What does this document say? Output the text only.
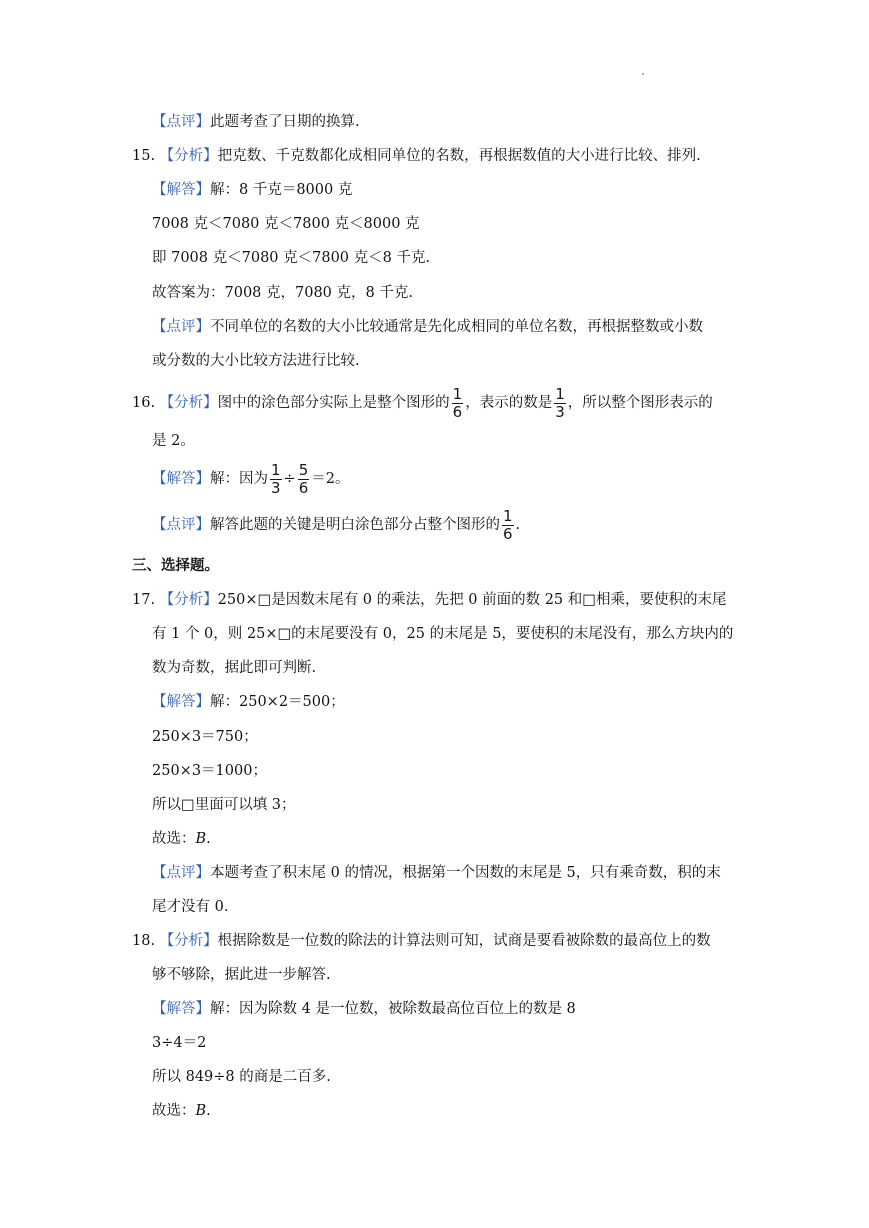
【点评】此题考查了日期的换算.
15. 【分析】把克数、千克数都化成相同单位的名数，再根据数值的大小进行比较、排列.
【解答】解：8 千克＝8000 克
7008 克＜7080 克＜7800 克＜8000 克
即 7008 克＜7080 克＜7800 克＜8 千克.
故答案为：7008 克，7080 克，8 千克.
【点评】不同单位的名数的大小比较通常是先化成相同的单位名数，再根据整数或小数
或分数的大小比较方法进行比较.
16. 【分析】图中的涂色部分实际上是整个图形的 $\frac{1}{6}$ ，表示的数是 $\frac{1}{3}$ ，所以整个图形表示的
是 2。
【解答】解：因为 $\frac{1}{3} \div \frac{5}{6} =2$。
【点评】解答此题的关键是明白涂色部分占整个图形的 $\frac{1}{6}$ .
三、选择题。
17. 【分析】250×□是因数末尾有 0 的乘法，先把 0 前面的数 25 和□相乘，要使积的末尾
有 1 个 0，则 25×□的末尾要没有 0，25 的末尾是 5，要使积的末尾没有，那么方块内的
数为奇数，据此即可判断.
【解答】解：250×2＝500；
250×3＝750；
250×3＝1000；
所以□里面可以填 3；
故选：B.
【点评】本题考查了积末尾 0 的情况，根据第一个因数的末尾是 5，只有乘奇数，积的末
尾才没有 0.
18. 【分析】根据除数是一位数的除法的计算法则可知，试商是要看被除数的最高位上的数
够不够除，据此进一步解答.
【解答】解：因为除数 4 是一位数，被除数最高位百位上的数是 8
3÷4＝2
所以 849÷8 的商是二百多.
故选：B.
